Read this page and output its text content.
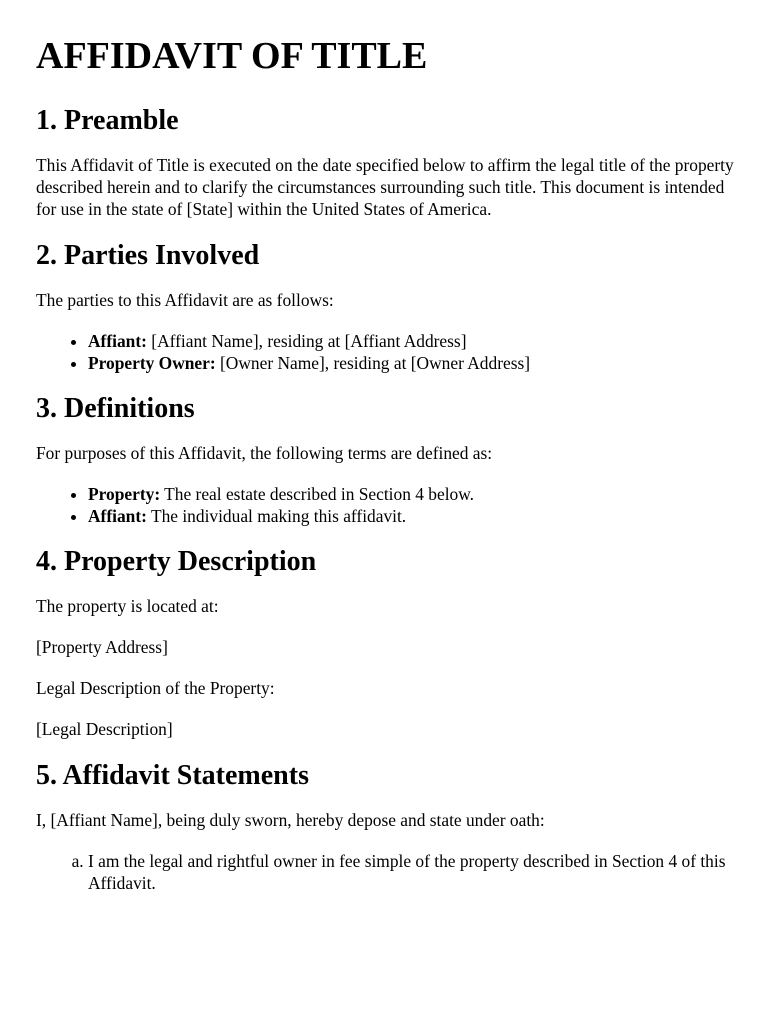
AFFIDAVIT OF TITLE
1. Preamble

This Affidavit of Title is executed on the date specified below to affirm the legal title of the property described herein and to clarify the circumstances surrounding such title. This document is intended for use in the state of [State] within the United States of America.

2. Parties Involved

The parties to this Affidavit are as follows:

• Affiant: [Affiant Name], residing at [Affiant Address]
• Property Owner: [Owner Name], residing at [Owner Address]
3. Definitions

For purposes of this Affidavit, the following terms are defined as:

• Property: The real estate described in Section 4 below.
• Affiant: The individual making this affidavit.
4. Property Description

The property is located at:

[Property Address]

Legal Description of the Property:

[Legal Description]

5. Affidavit Statements

I, [Affiant Name], being duly sworn, hereby depose and state under oath:

a. I am the legal and rightful owner in fee simple of the property described in Section 4 of this Affidavit.
